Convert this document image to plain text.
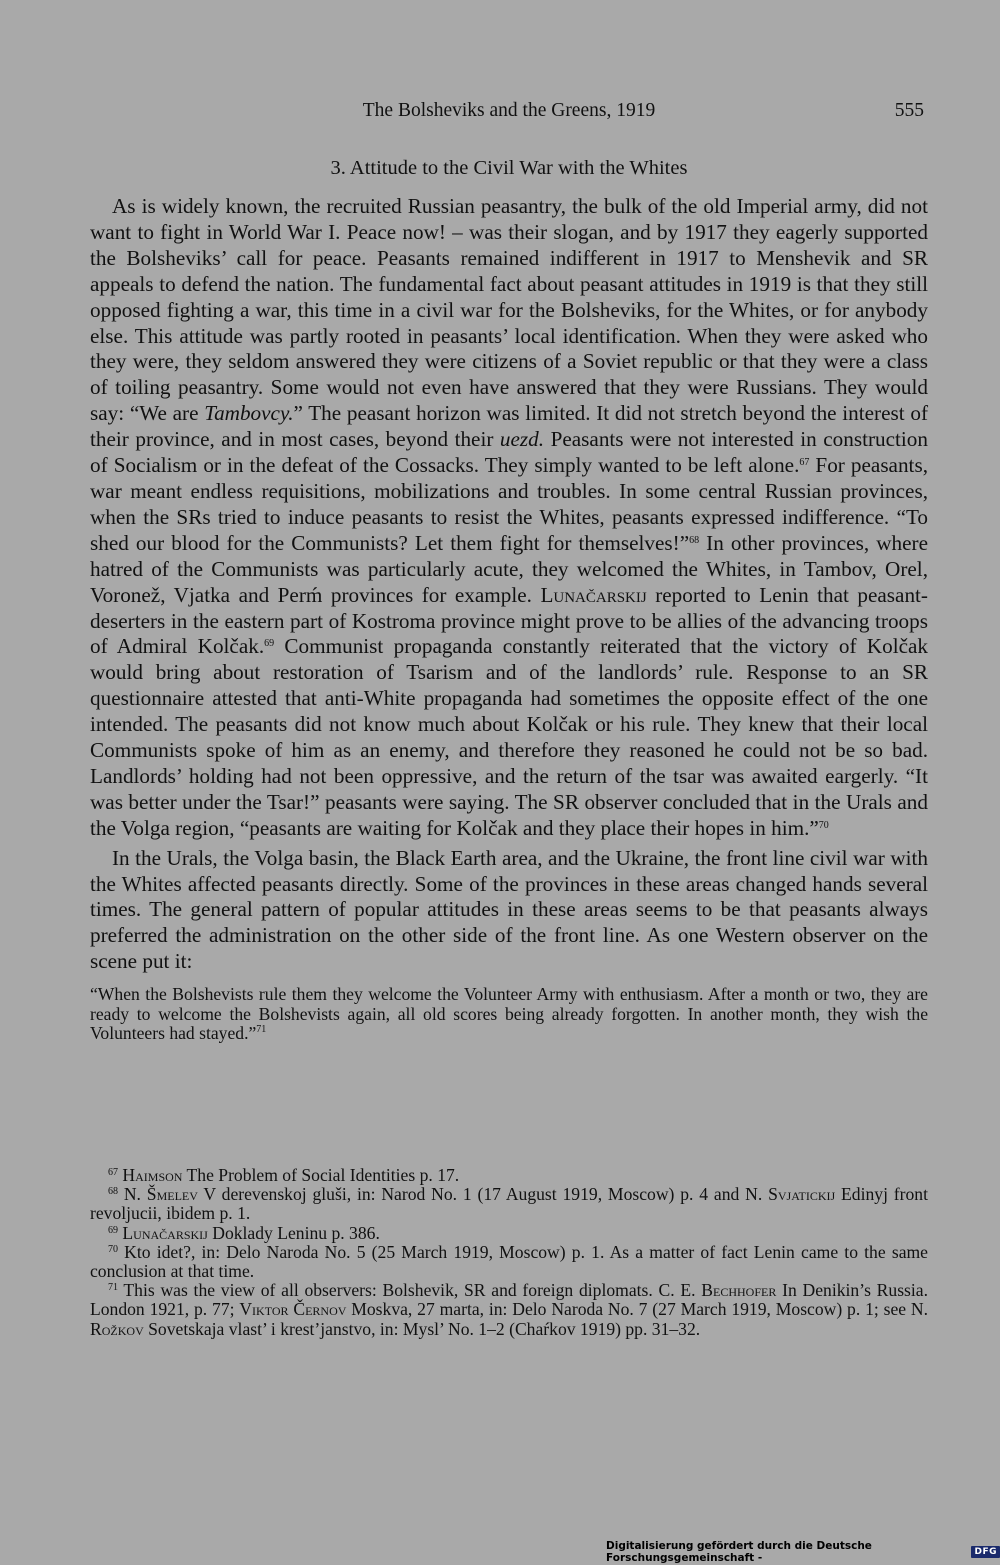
The Bolsheviks and the Greens, 1919	555
3. Attitude to the Civil War with the Whites

As is widely known, the recruited Russian peasantry, the bulk of the old Imperial army, did not want to fight in World War I. Peace now! – was their slogan, and by 1917 they eagerly supported the Bolsheviks’ call for peace. Peasants remained indifferent in 1917 to Menshevik and SR appeals to defend the nation. The fundamental fact about peasant attitudes in 1919 is that they still opposed fighting a war, this time in a civil war for the Bolsheviks, for the Whites, or for anybody else. This attitude was partly rooted in peasants’ local identification. When they were asked who they were, they seldom answered they were citizens of a Soviet republic or that they were a class of toiling peasantry. Some would not even have answered that they were Russians. They would say: “We are Tambovcy.” The peasant horizon was limited. It did not stretch beyond the interest of their province, and in most cases, beyond their uezd. Peasants were not interested in construction of Socialism or in the defeat of the Cossacks. They simply wanted to be left alone.$^{67}$ For peasants, war meant endless requisitions, mobilizations and troubles. In some central Russian provinces, when the SRs tried to induce peasants to resist the Whites, peasants expressed indifference. “To shed our blood for the Communists? Let them fight for themselves!”$^{68}$ In other provinces, where hatred of the Communists was particularly acute, they welcomed the Whites, in Tambov, Orel, Voronež, Vjatka and Perḿ provinces for example. Lunačarskij reported to Lenin that peasant-deserters in the eastern part of Kostroma province might prove to be allies of the advancing troops of Admiral Kolčak.$^{69}$ Communist propaganda constantly reiterated that the victory of Kolčak would bring about restoration of Tsarism and of the landlords’ rule. Response to an SR questionnaire attested that anti-White propaganda had sometimes the opposite effect of the one intended. The peasants did not know much about Kolčak or his rule. They knew that their local Communists spoke of him as an enemy, and therefore they reasoned he could not be so bad. Landlords’ holding had not been oppressive, and the return of the tsar was awaited eargerly. “It was better under the Tsar!” peasants were saying. The SR observer concluded that in the Urals and the Volga region, “peasants are waiting for Kolčak and they place their hopes in him.”$^{70}$

In the Urals, the Volga basin, the Black Earth area, and the Ukraine, the front line civil war with the Whites affected peasants directly. Some of the provinces in these areas changed hands several times. The general pattern of popular attitudes in these areas seems to be that peasants always preferred the administration on the other side of the front line. As one Western observer on the scene put it:

“When the Bolshevists rule them they welcome the Volunteer Army with enthusiasm. After a month or two, they are ready to welcome the Bolshevists again, all old scores being already forgotten. In another month, they wish the Volunteers had stayed.”$^{71}$

$^{67}$ Haimson The Problem of Social Identities p. 17.

$^{68}$ N. Šmelev V derevenskoj gluši, in: Narod No. 1 (17 August 1919, Moscow) p. 4 and N. Svjatickij Edinyj front revoljucii, ibidem p. 1.

$^{69}$ Lunačarskij Doklady Leninu p. 386.

$^{70}$ Kto idet?, in: Delo Naroda No. 5 (25 March 1919, Moscow) p. 1. As a matter of fact Lenin came to the same conclusion at that time.

$^{71}$ This was the view of all observers: Bolshevik, SR and foreign diplomats. C. E. Bechhofer In Denikin’s Russia. London 1921, p. 77; Viktor Černov Moskva, 27 marta, in: Delo Naroda No. 7 (27 March 1919, Moscow) p. 1; see N. Rožkov Sovetskaja vlast’ i krest’janstvo, in: Mysl’ No. 1–2 (Chaŕkov 1919) pp. 31–32.

Digitalisierung gefördert durch die Deutsche Forschungsgemeinschaft -	DFG
